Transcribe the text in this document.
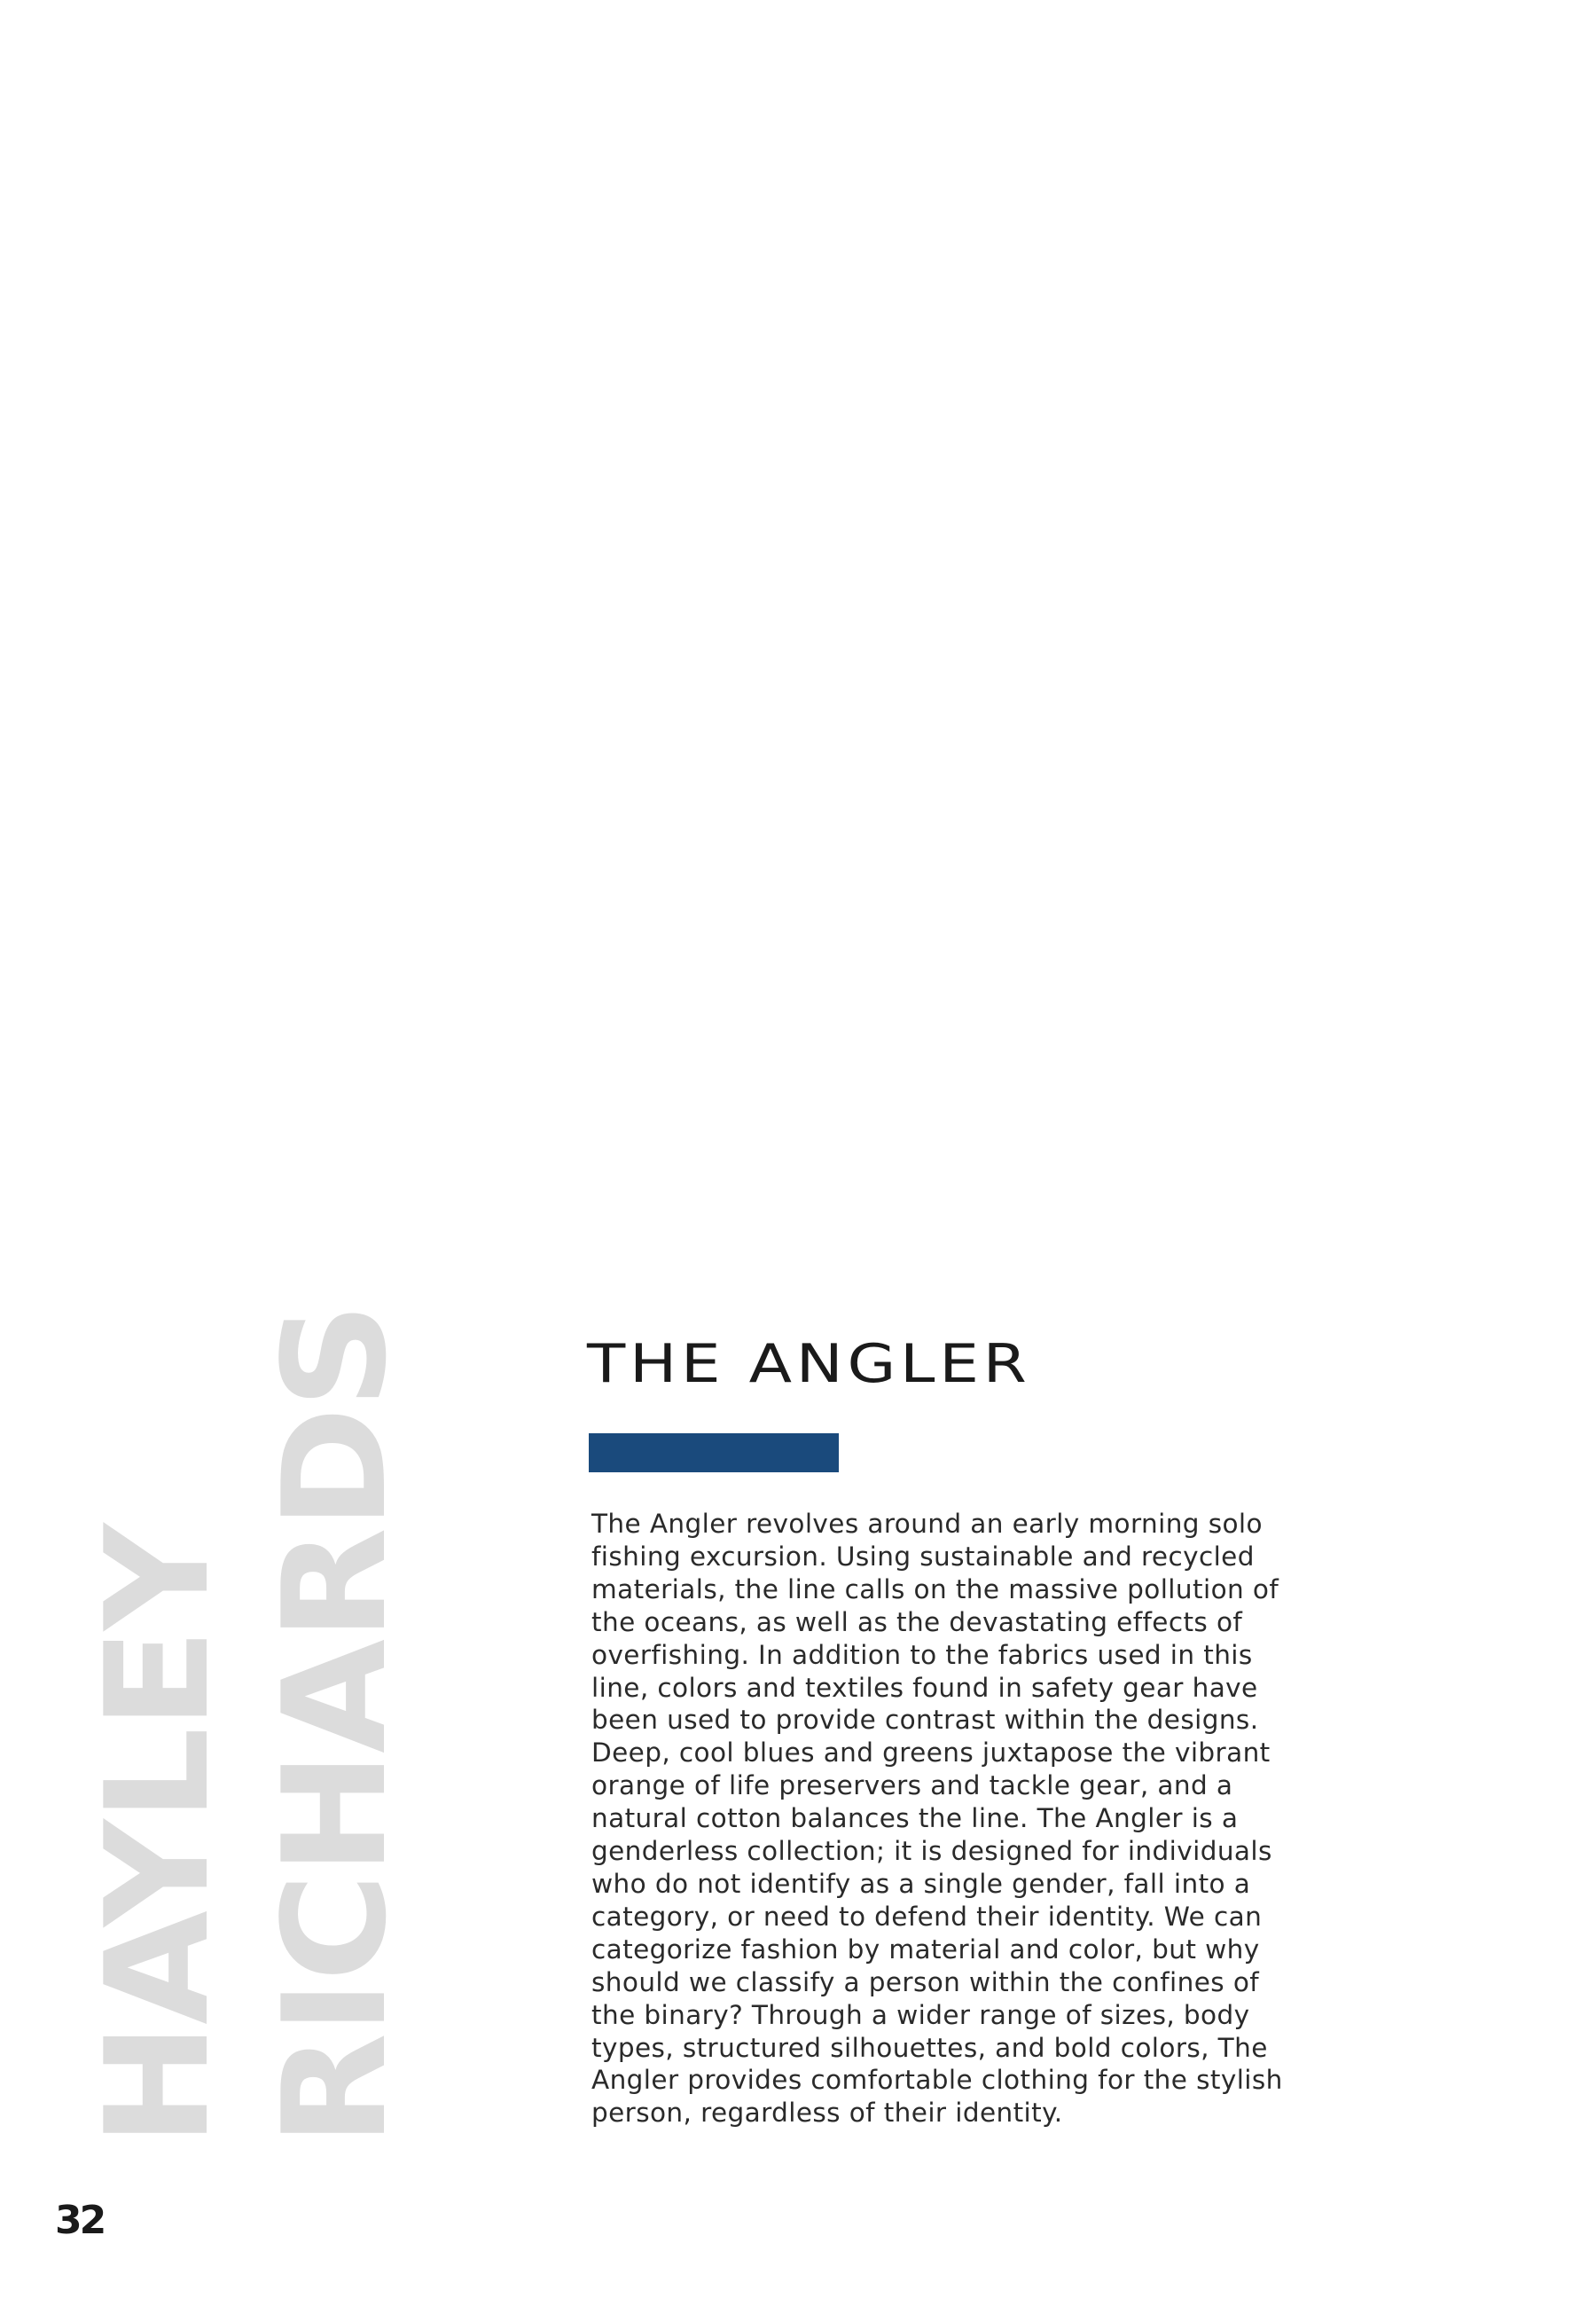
HAYLEY RICHARDS
32
THE ANGLER

The Angler revolves around an early morning solo fishing excursion. Using sustainable and recycled materials, the line calls on the massive pollution of the oceans, as well as the devastating effects of overfishing. In addition to the fabrics used in this line, colors and textiles found in safety gear have been used to provide contrast within the designs. Deep, cool blues and greens juxtapose the vibrant orange of life preservers and tackle gear, and a natural cotton balances the line. The Angler is a genderless collection; it is designed for individuals who do not identify as a single gender, fall into a category, or need to defend their identity. We can categorize fashion by material and color, but why should we classify a person within the confines of the binary? Through a wider range of sizes, body types, structured silhouettes, and bold colors, The Angler provides comfortable clothing for the stylish person, regardless of their identity.
